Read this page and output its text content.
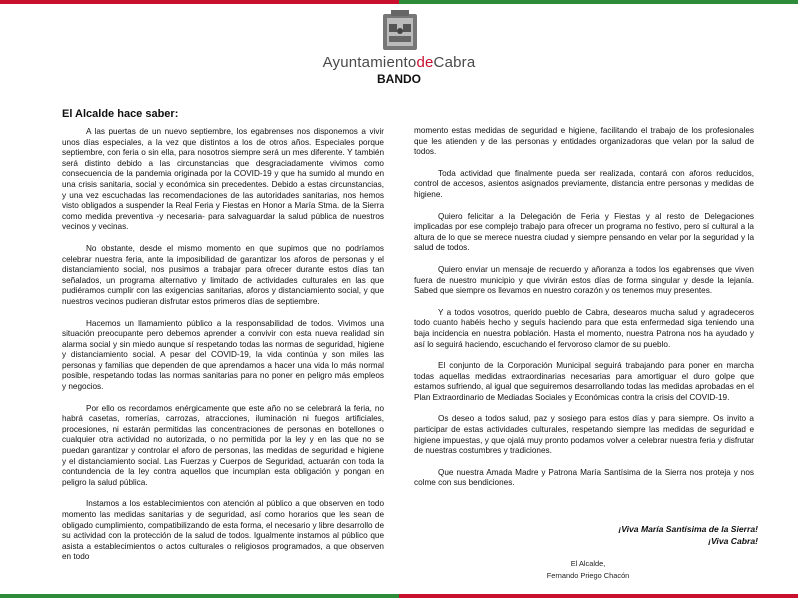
AyuntamientodeCabra
BANDO
El Alcalde hace saber:

A las puertas de un nuevo septiembre, los egabrenses nos disponemos a vivir unos días especiales, a la vez que distintos a los de otros años. Especiales porque septiembre, con feria o sin ella, para nosotros siempre será un mes diferente. Y también será distinto debido a las circunstancias que desgraciadamente vivimos como consecuencia de la pandemia originada por la COVID-19 y que ha sumido al mundo en una crisis sanitaria, social y económica sin precedentes. Debido a estas circunstancias, y una vez escuchadas las recomendaciones de las autoridades sanitarias, nos hemos visto obligados a suspender la Real Feria y Fiestas en Honor a María Stma. de la Sierra como medida preventiva -y necesaria- para salvaguardar la salud pública de nuestros vecinos y vecinas.

No obstante, desde el mismo momento en que supimos que no podríamos celebrar nuestra feria, ante la imposibilidad de garantizar los aforos de personas y el distanciamiento social, nos pusimos a trabajar para ofrecer durante estos días tan señalados, un programa alternativo y limitado de actividades culturales en las que pudiéramos cumplir con las exigencias sanitarias, aforos y distanciamiento social, y que nuestros vecinos pudieran disfrutar estos primeros días de septiembre.

Hacemos un llamamiento público a la responsabilidad de todos. Vivimos una situación preocupante pero debemos aprender a convivir con esta nueva realidad sin alarma social y sin miedo aunque sí respetando todas las normas de seguridad, higiene y distanciamiento social. A pesar del COVID-19, la vida continúa y son miles las personas y familias que dependen de que aprendamos a hacer una vida lo más normal posible, respetando todas las normas sanitarias para no poner en peligro más empleos y negocios.

Por ello os recordamos enérgicamente que este año no se celebrará la feria, no habrá casetas, romerías, carrozas, atracciones, iluminación ni fuegos artificiales, procesiones, ni estarán permitidas las concentraciones de personas en botellones o cualquier otra actividad no autorizada, o no permitida por la ley y en las que no se puedan garantizar y controlar el aforo de personas, las medidas de seguridad e higiene y el distanciamiento social. Las Fuerzas y Cuerpos de Seguridad, actuarán con toda la contundencia de la ley contra aquellos que incumplan esta obligación y pongan en peligro la salud pública.

Instamos a los establecimientos con atención al público a que observen en todo momento las medidas sanitarias y de seguridad, así como horarios que les sean de obligado cumplimiento, compatibilizando de esta forma, el necesario y libre desarrollo de su actividad con la protección de la salud de todos. Igualmente instamos al público que asista a establecimientos o actos culturales o religiosos programados, a que observen en todo

momento estas medidas de seguridad e higiene, facilitando el trabajo de los profesionales que les atienden y de las personas y entidades organizadoras que velan por la salud de todos.

Toda actividad que finalmente pueda ser realizada, contará con aforos reducidos, control de accesos, asientos asignados previamente, distancia entre personas y medidas de higiene.

Quiero felicitar a la Delegación de Feria y Fiestas y al resto de Delegaciones implicadas por ese complejo trabajo para ofrecer un programa no festivo, pero sí cultural a la altura de lo que se merece nuestra ciudad y siempre pensando en velar por la seguridad y la salud de todos.

Quiero enviar un mensaje de recuerdo y añoranza a todos los egabrenses que viven fuera de nuestro municipio y que vivirán estos días de forma singular y desde la lejanía. Sabed que siempre os llevamos en nuestro corazón y os tenemos muy presentes.

Y a todos vosotros, querido pueblo de Cabra, desearos mucha salud y agradeceros todo cuanto habéis hecho y seguís haciendo para que esta enfermedad siga teniendo una baja incidencia en nuestra población. Hasta el momento, nuestra Patrona nos ha ayudado y así lo seguirá haciendo, escuchando el fervoroso clamor de su pueblo.

El conjunto de la Corporación Municipal seguirá trabajando para poner en marcha todas aquellas medidas extraordinarias necesarias para amortiguar el duro golpe que estamos sufriendo, al igual que seguiremos desarrollando todas las medidas aprobadas en el Plan Extraordinario de Mediadas Sociales y Económicas contra la crisis del COVID-19.

Os deseo a todos salud, paz y sosiego para estos días y para siempre. Os invito a participar de estas actividades culturales, respetando siempre las medidas de seguridad e higiene impuestas, y que ojalá muy pronto podamos volver a celebrar nuestra feria y disfrutar de nuestras costumbres y tradiciones.

Que nuestra Amada Madre y Patrona María Santísima de la Sierra nos proteja y nos colme con sus bendiciones.

¡Viva María Santísima de la Sierra!
¡Viva Cabra!
El Alcalde,
Fernando Priego Chacón
